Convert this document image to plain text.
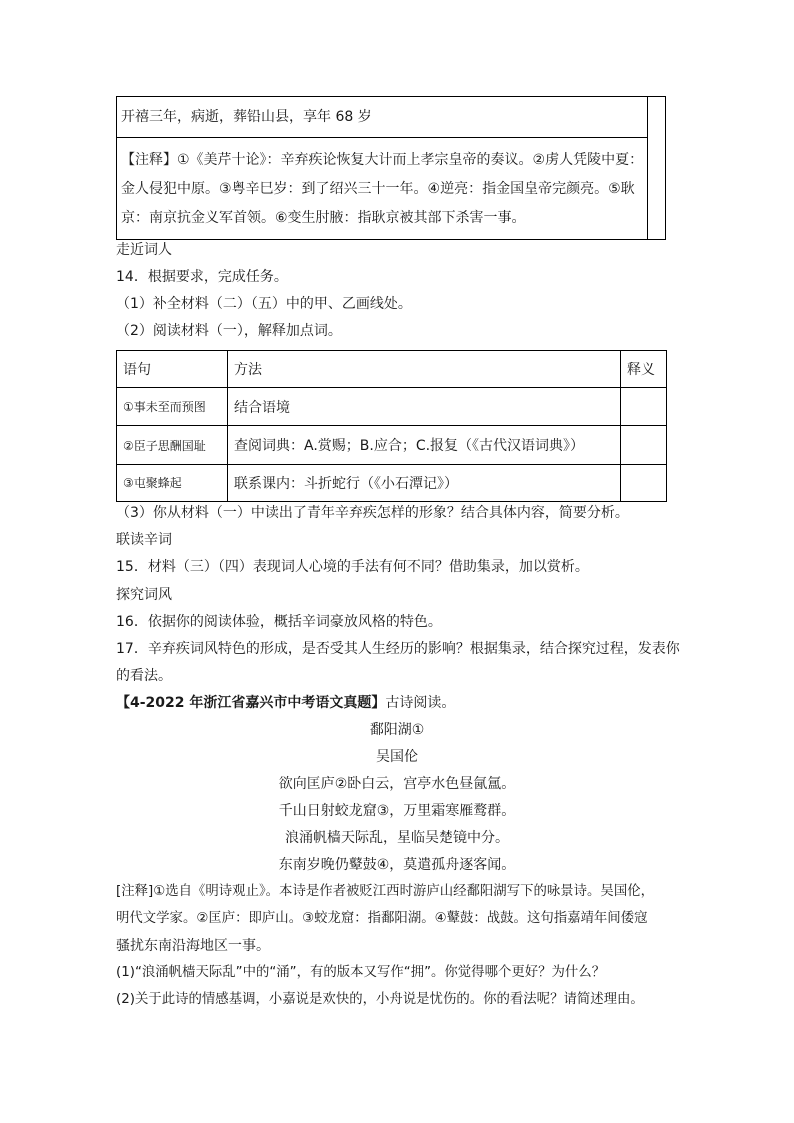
开禧三年，病逝，葬铅山县，享年 68 岁
【注释】①《美芹十论》：辛弃疾论恢复大计而上孝宗皇帝的奏议。②虏人凭陵中夏：
金人侵犯中原。③粤辛巳岁：到了绍兴三十一年。④逆亮：指金国皇帝完颜亮。⑤耿
京：南京抗金义军首领。⑥变生肘腋：指耿京被其部下杀害一事。
走近词人
14．根据要求，完成任务。
（1）补全材料（二）（五）中的甲、乙画线处。
（2）阅读材料（一），解释加点词。
语句	方法	释义
①事未至而预图	结合语境	
②臣子思酬国耻	查阅词典：A.赏赐；B.应合；C.报复（《古代汉语词典》）	
③屯聚蜂起	联系课内：斗折蛇行（《小石潭记》）	
（3）你从材料（一）中读出了青年辛弃疾怎样的形象？结合具体内容，简要分析。
联读辛词
15．材料（三）（四）表现词人心境的手法有何不同？借助集录，加以赏析。
探究词风
16．依据你的阅读体验，概括辛词豪放风格的特色。
17．辛弃疾词风特色的形成，是否受其人生经历的影响？根据集录，结合探究过程，发表你
的看法。
【4-2022 年浙江省嘉兴市中考语文真题】古诗阅读。
鄱阳湖①
吴国伦
欲向匡庐②卧白云，宫亭水色昼氤氲。
千山日射蛟龙窟③，万里霜寒雁鹜群。
浪涌帆樯天际乱，星临吴楚镜中分。
东南岁晚仍鼙鼓④，莫遣孤舟逐客闻。
[注释]①选自《明诗观止》。本诗是作者被贬江西时游庐山经鄱阳湖写下的咏景诗。吴国伦，
明代文学家。②匡庐：即庐山。③蛟龙窟：指鄱阳湖。④鼙鼓：战鼓。这句指嘉靖年间倭寇
骚扰东南沿海地区一事。
(1)“浪涌帆樯天际乱”中的“涌”，有的版本又写作“拥”。你觉得哪个更好？为什么？
(2)关于此诗的情感基调，小嘉说是欢快的，小舟说是忧伤的。你的看法呢？请简述理由。
